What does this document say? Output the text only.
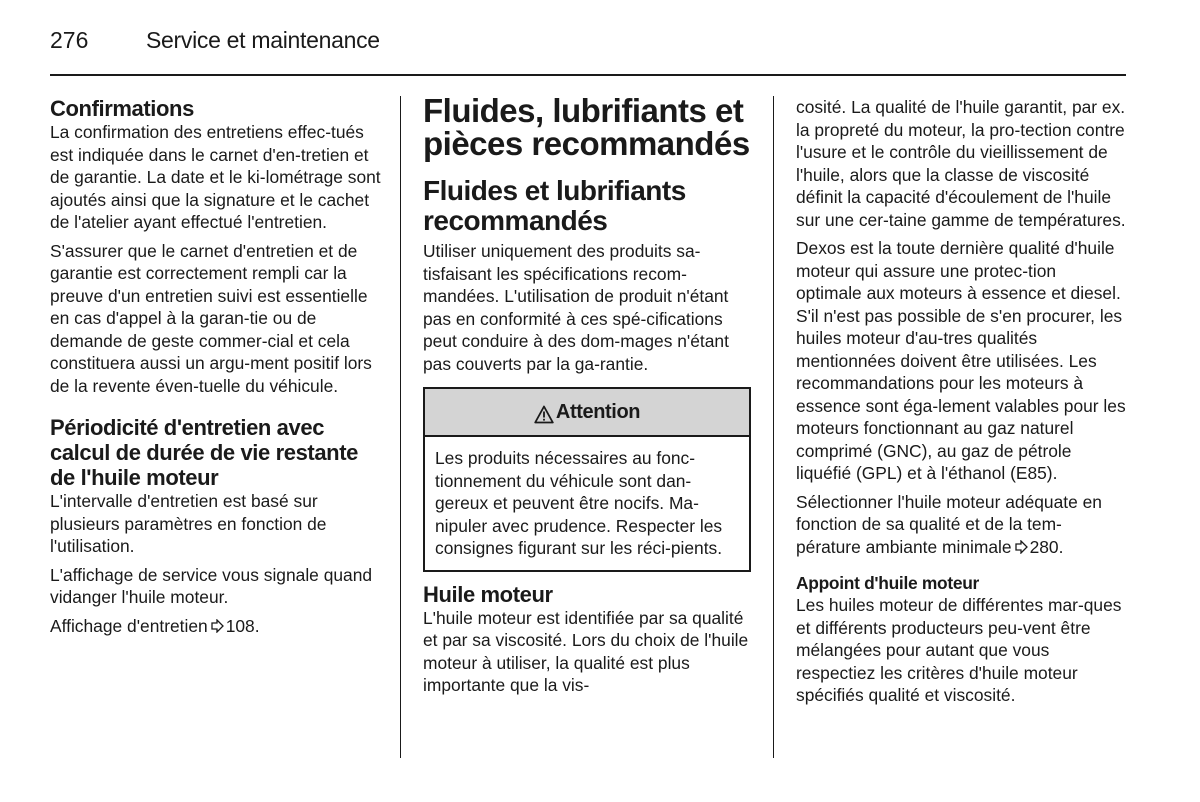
276	Service et maintenance
Confirmations

La confirmation des entretiens effec-tués est indiquée dans le carnet d'en-tretien et de garantie. La date et le ki-lométrage sont ajoutés ainsi que la signature et le cachet de l'atelier ayant effectué l'entretien.

S'assurer que le carnet d'entretien et de garantie est correctement rempli car la preuve d'un entretien suivi est essentielle en cas d'appel à la garan-tie ou de demande de geste commer-cial et cela constituera aussi un argu-ment positif lors de la revente éven-tuelle du véhicule.

Périodicité d'entretien avec calcul de durée de vie restante de l'huile moteur

L'intervalle d'entretien est basé sur plusieurs paramètres en fonction de l'utilisation.

L'affichage de service vous signale quand vidanger l'huile moteur.

Affichage d'entretien 108.

Fluides, lubrifiants et pièces recommandés
Fluides et lubrifiants recommandés

Utiliser uniquement des produits sa-tisfaisant les spécifications recom-mandées. L'utilisation de produit n'étant pas en conformité à ces spé-cifications peut conduire à des dom-mages n'étant pas couverts par la ga-rantie.

Attention

Les produits nécessaires au fonc-tionnement du véhicule sont dan-gereux et peuvent être nocifs. Ma-nipuler avec prudence. Respecter les consignes figurant sur les réci-pients.

Huile moteur

L'huile moteur est identifiée par sa qualité et par sa viscosité. Lors du choix de l'huile moteur à utiliser, la qualité est plus importante que la vis-

cosité. La qualité de l'huile garantit, par ex. la propreté du moteur, la pro-tection contre l'usure et le contrôle du vieillissement de l'huile, alors que la classe de viscosité définit la capacité d'écoulement de l'huile sur une cer-taine gamme de températures.

Dexos est la toute dernière qualité d'huile moteur qui assure une protec-tion optimale aux moteurs à essence et diesel. S'il n'est pas possible de s'en procurer, les huiles moteur d'au-tres qualités mentionnées doivent être utilisées. Les recommandations pour les moteurs à essence sont éga-lement valables pour les moteurs fonctionnant au gaz naturel comprimé (GNC), au gaz de pétrole liquéfié (GPL) et à l'éthanol (E85).

Sélectionner l'huile moteur adéquate en fonction de sa qualité et de la tem-pérature ambiante minimale 280.

Appoint d'huile moteur

Les huiles moteur de différentes mar-ques et différents producteurs peu-vent être mélangées pour autant que vous respectiez les critères d'huile moteur spécifiés qualité et viscosité.
